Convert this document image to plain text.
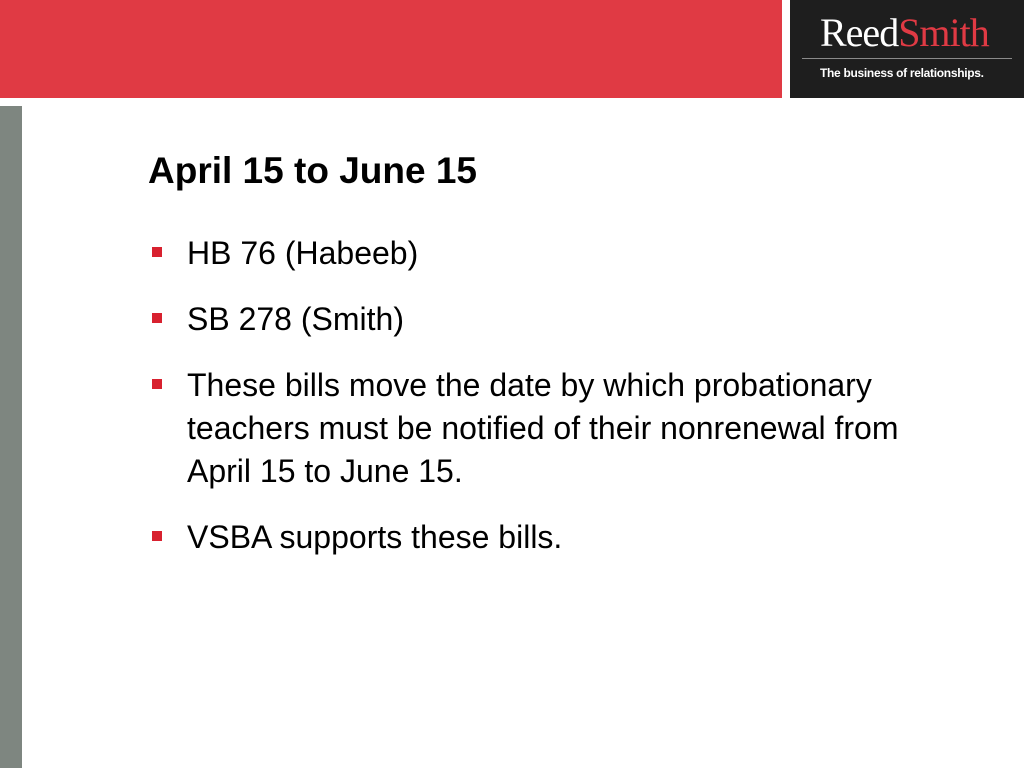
ReedSmith
The business of relationships.
April 15 to June 15
HB 76 (Habeeb)
SB 278 (Smith)
These bills move the date by which probationary teachers must be notified of their nonrenewal from April 15 to June 15.
VSBA supports these bills.
